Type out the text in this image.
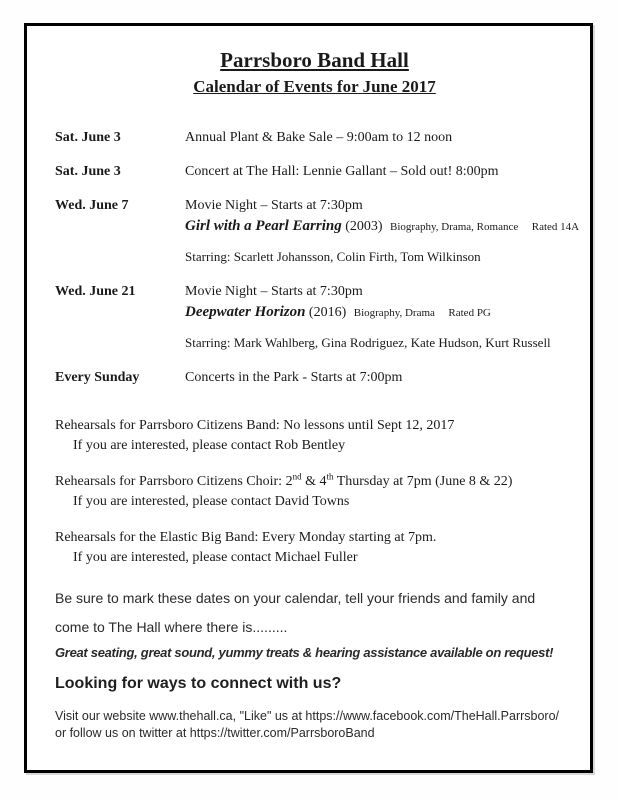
Parrsboro Band Hall
Calendar of Events for June 2017
Sat. June 3	Annual Plant & Bake Sale – 9:00am to 12 noon
Sat. June 3	Concert at The Hall: Lennie Gallant – Sold out! 8:00pm
Wed. June 7	Movie Night – Starts at 7:30pm
Girl with a Pearl Earring (2003) Biography, Drama, Romance Rated 14A
Starring: Scarlett Johansson, Colin Firth, Tom Wilkinson
Wed. June 21	Movie Night – Starts at 7:30pm
Deepwater Horizon (2016) Biography, Drama Rated PG
Starring: Mark Wahlberg, Gina Rodriguez, Kate Hudson, Kurt Russell
Every Sunday	Concerts in the Park - Starts at 7:00pm
Rehearsals for Parrsboro Citizens Band: No lessons until Sept 12, 2017
If you are interested, please contact Rob Bentley
Rehearsals for Parrsboro Citizens Choir: 2nd & 4th Thursday at 7pm (June 8 & 22)
If you are interested, please contact David Towns
Rehearsals for the Elastic Big Band: Every Monday starting at 7pm.
If you are interested, please contact Michael Fuller
Be sure to mark these dates on your calendar, tell your friends and family and
come to The Hall where there is.........
Great seating, great sound, yummy treats & hearing assistance available on request!
Looking for ways to connect with us?
Visit our website www.thehall.ca, "Like" us at https://www.facebook.com/TheHall.Parrsboro/
or follow us on twitter at https://twitter.com/ParrsboroBand
